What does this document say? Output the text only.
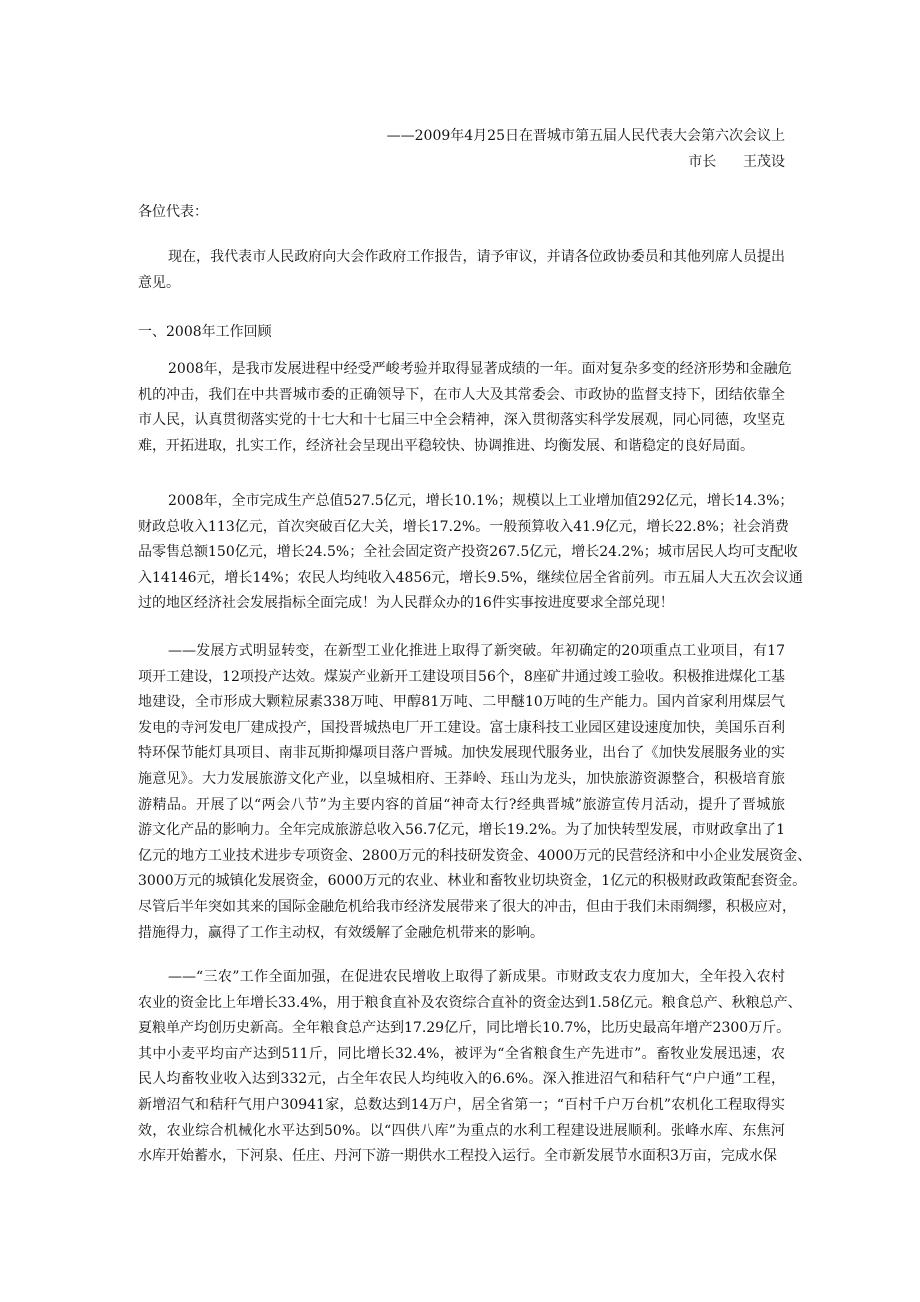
——2009年4月25日在晋城市第五届人民代表大会第六次会议上
市长 王茂设
各位代表：
现在，我代表市人民政府向大会作政府工作报告，请予审议，并请各位政协委员和其他列席人员提出
意见。
一、2008年工作回顾
2008年，是我市发展进程中经受严峻考验并取得显著成绩的一年。面对复杂多变的经济形势和金融危
机的冲击，我们在中共晋城市委的正确领导下，在市人大及其常委会、市政协的监督支持下，团结依靠全
市人民，认真贯彻落实党的十七大和十七届三中全会精神，深入贯彻落实科学发展观，同心同德，攻坚克
难，开拓进取，扎实工作，经济社会呈现出平稳较快、协调推进、均衡发展、和谐稳定的良好局面。
2008年，全市完成生产总值527.5亿元，增长10.1%；规模以上工业增加值292亿元，增长14.3%；
财政总收入113亿元，首次突破百亿大关，增长17.2%。一般预算收入41.9亿元，增长22.8%；社会消费
品零售总额150亿元，增长24.5%；全社会固定资产投资267.5亿元，增长24.2%；城市居民人均可支配收
入14146元，增长14%；农民人均纯收入4856元，增长9.5%，继续位居全省前列。市五届人大五次会议通
过的地区经济社会发展指标全面完成！为人民群众办的16件实事按进度要求全部兑现！
——发展方式明显转变，在新型工业化推进上取得了新突破。年初确定的20项重点工业项目，有17
项开工建设，12项投产达效。煤炭产业新开工建设项目56个，8座矿井通过竣工验收。积极推进煤化工基
地建设，全市形成大颗粒尿素338万吨、甲醇81万吨、二甲醚10万吨的生产能力。国内首家利用煤层气
发电的寺河发电厂建成投产，国投晋城热电厂开工建设。富士康科技工业园区建设速度加快，美国乐百利
特环保节能灯具项目、南非瓦斯抑爆项目落户晋城。加快发展现代服务业，出台了《加快发展服务业的实
施意见》。大力发展旅游文化产业，以皇城相府、王莽岭、珏山为龙头，加快旅游资源整合，积极培育旅
游精品。开展了以“两会八节”为主要内容的首届“神奇太行?经典晋城”旅游宣传月活动，提升了晋城旅
游文化产品的影响力。全年完成旅游总收入56.7亿元，增长19.2%。为了加快转型发展，市财政拿出了1
亿元的地方工业技术进步专项资金、2800万元的科技研发资金、4000万元的民营经济和中小企业发展资金、
3000万元的城镇化发展资金，6000万元的农业、林业和畜牧业切块资金，1亿元的积极财政政策配套资金。
尽管后半年突如其来的国际金融危机给我市经济发展带来了很大的冲击，但由于我们未雨绸缪，积极应对，
措施得力，赢得了工作主动权，有效缓解了金融危机带来的影响。
——“三农”工作全面加强，在促进农民增收上取得了新成果。市财政支农力度加大，全年投入农村
农业的资金比上年增长33.4%，用于粮食直补及农资综合直补的资金达到1.58亿元。粮食总产、秋粮总产、
夏粮单产均创历史新高。全年粮食总产达到17.29亿斤，同比增长10.7%，比历史最高年增产2300万斤。
其中小麦平均亩产达到511斤，同比增长32.4%，被评为“全省粮食生产先进市”。畜牧业发展迅速，农
民人均畜牧业收入达到332元，占全年农民人均纯收入的6.6%。深入推进沼气和秸秆气“户户通”工程，
新增沼气和秸秆气用户30941家，总数达到14万户，居全省第一；“百村千户万台机”农机化工程取得实
效，农业综合机械化水平达到50%。以“四供八库”为重点的水利工程建设进展顺利。张峰水库、东焦河
水库开始蓄水，下河泉、任庄、丹河下游一期供水工程投入运行。全市新发展节水面积3万亩，完成水保
